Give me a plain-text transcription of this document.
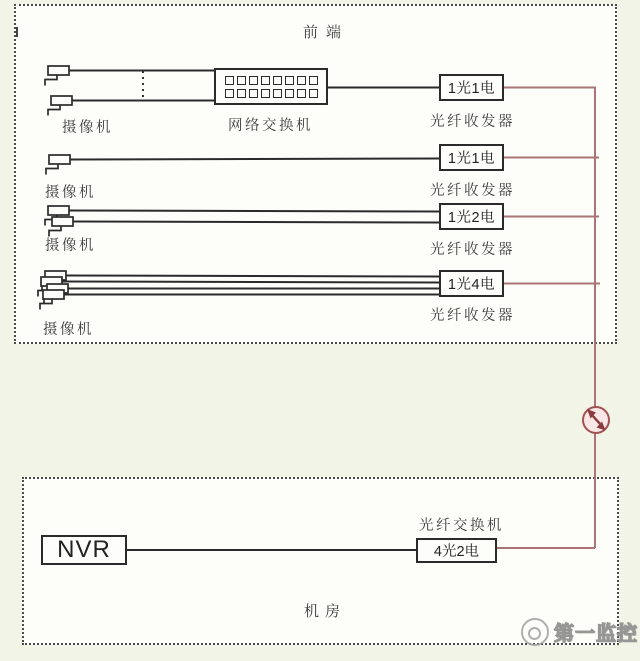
前端
机房
网络交换机
摄像机
摄像机
摄像机
摄像机
1光1电
1光1电
1光2电
1光4电
光纤收发器
光纤收发器
光纤收发器
光纤收发器
NVR
光纤交换机
4光2电
第一监控
